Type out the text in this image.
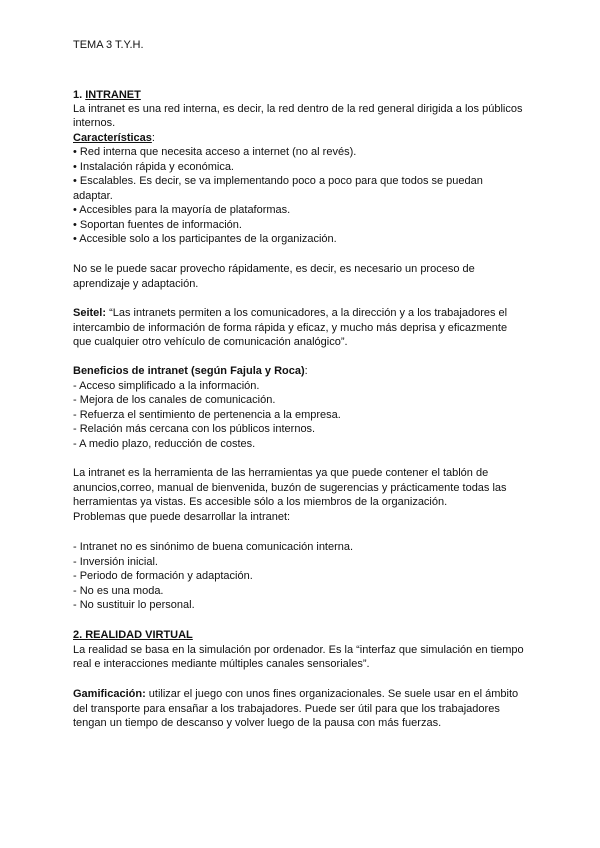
TEMA 3 T.Y.H.
1. INTRANET
La intranet es una red interna, es decir, la red dentro de la red general dirigida a los públicos
internos.
Características:
• Red interna que necesita acceso a internet (no al revés).
• Instalación rápida y económica.
• Escalables. Es decir, se va implementando poco a poco para que todos se puedan
adaptar.
• Accesibles para la mayoría de plataformas.
• Soportan fuentes de información.
• Accesible solo a los participantes de la organización.
No se le puede sacar provecho rápidamente, es decir, es necesario un proceso de
aprendizaje y adaptación.
Seitel: “Las intranets permiten a los comunicadores, a la dirección y a los trabajadores el
intercambio de información de forma rápida y eficaz, y mucho más deprisa y eficazmente
que cualquier otro vehículo de comunicación analógico”.
Beneficios de intranet (según Fajula y Roca):
- Acceso simplificado a la información.
- Mejora de los canales de comunicación.
- Refuerza el sentimiento de pertenencia a la empresa.
- Relación más cercana con los públicos internos.
- A medio plazo, reducción de costes.
La intranet es la herramienta de las herramientas ya que puede contener el tablón de
anuncios,correo, manual de bienvenida, buzón de sugerencias y prácticamente todas las
herramientas ya vistas. Es accesible sólo a los miembros de la organización.
Problemas que puede desarrollar la intranet:
- Intranet no es sinónimo de buena comunicación interna.
- Inversión inicial.
- Periodo de formación y adaptación.
- No es una moda.
- No sustituir lo personal.
2. REALIDAD VIRTUAL
La realidad se basa en la simulación por ordenador. Es la “interfaz que simulación en tiempo
real e interacciones mediante múltiples canales sensoriales”.
Gamificación: utilizar el juego con unos fines organizacionales. Se suele usar en el ámbito
del transporte para ensañar a los trabajadores. Puede ser útil para que los trabajadores
tengan un tiempo de descanso y volver luego de la pausa con más fuerzas.
